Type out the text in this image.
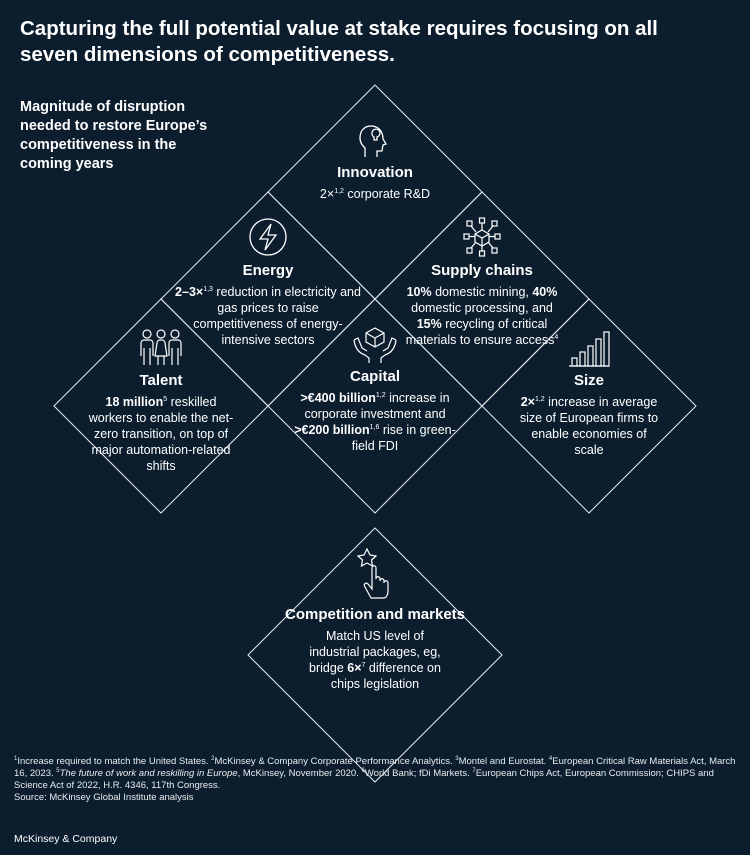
Capturing the full potential value at stake requires focusing on all seven dimensions of competitiveness.
Magnitude of disruption needed to restore Europe’s competitiveness in the coming years	Innovation
2×$^{1,2}$ corporate R&D
Energy
2–3×$^{1,3}$ reduction in electricity and gas prices to raise competitiveness of energy-intensive sectors
Supply chains
10% domestic mining, 40% domestic processing, and 15% recycling of critical materials to ensure access$^4$
Talent
18 million$^5$ reskilled workers to enable the net-zero transition, on top of major automation-related shifts
Capital
>€400 billion$^{1,2}$ increase in corporate investment and >€200 billion$^{1,6}$ rise in green-field FDI
Size
2×$^{1,2}$ increase in average size of European firms to enable economies of scale
Competition and markets
Match US level of industrial packages, eg, bridge 6×$^7$ difference on chips legislation
$^1$Increase required to match the United States. $^2$McKinsey & Company Corporate Performance Analytics. $^3$Montel and Eurostat. $^4$European Critical Raw Materials Act, March 16, 2023. $^5$The future of work and reskilling in Europe, McKinsey, November 2020. $^6$World Bank; fDi Markets. $^7$European Chips Act, European Commission; CHIPS and Science Act of 2022, H.R. 4346, 117th Congress.
Source: McKinsey Global Institute analysis
McKinsey & Company
